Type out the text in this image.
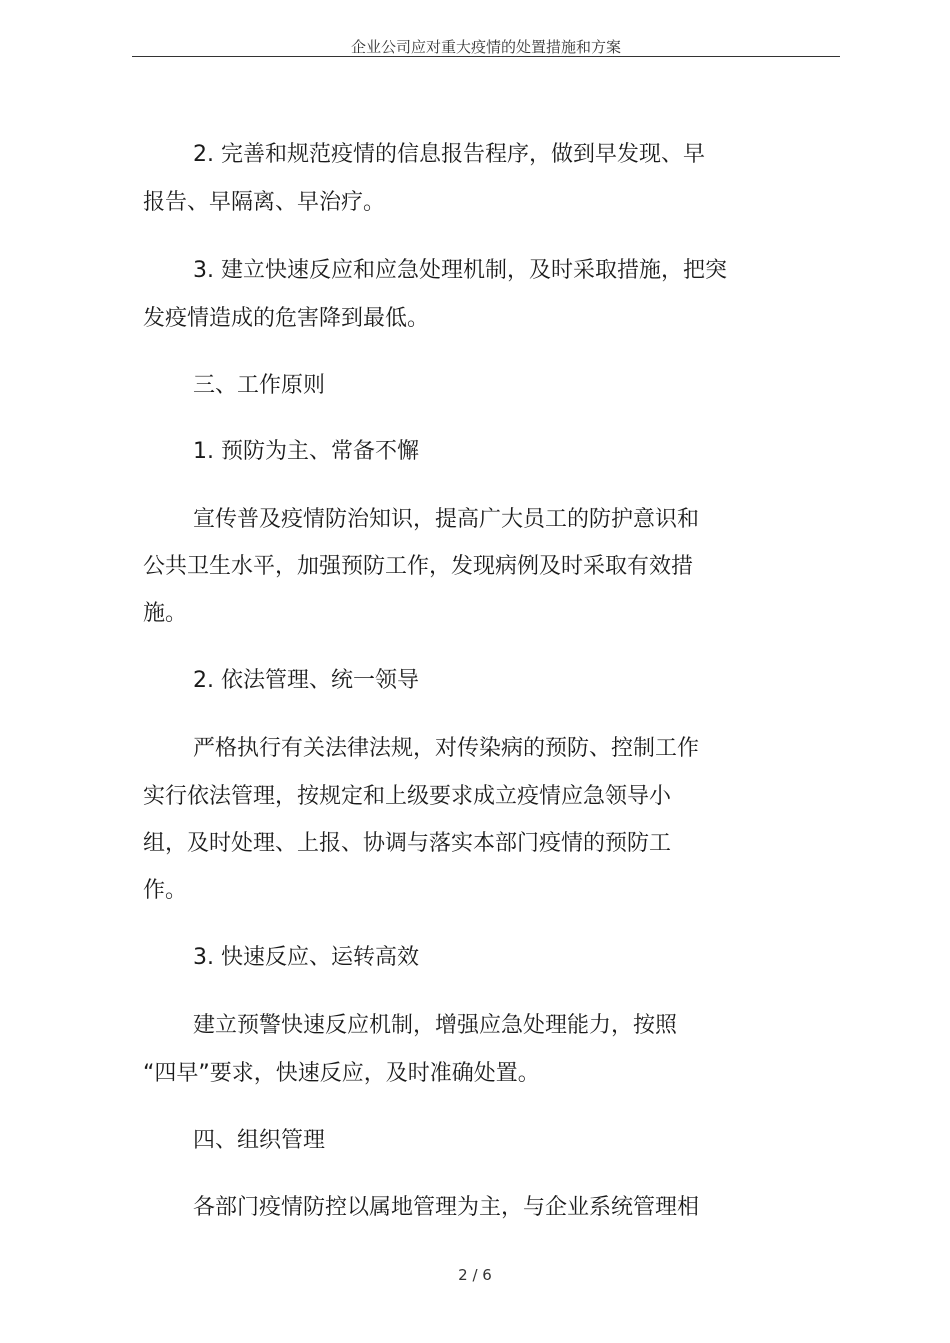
企业公司应对重大疫情的处置措施和方案
2. 完善和规范疫情的信息报告程序，做到早发现、早
报告、早隔离、早治疗。
3. 建立快速反应和应急处理机制，及时采取措施，把突
发疫情造成的危害降到最低。
三、工作原则
1. 预防为主、常备不懈
宣传普及疫情防治知识，提高广大员工的防护意识和
公共卫生水平，加强预防工作，发现病例及时采取有效措
施。
2. 依法管理、统一领导
严格执行有关法律法规，对传染病的预防、控制工作
实行依法管理，按规定和上级要求成立疫情应急领导小
组，及时处理、上报、协调与落实本部门疫情的预防工
作。
3. 快速反应、运转高效
建立预警快速反应机制，增强应急处理能力，按照
“四早”要求，快速反应，及时准确处置。
四、组织管理
各部门疫情防控以属地管理为主，与企业系统管理相
2 / 6
